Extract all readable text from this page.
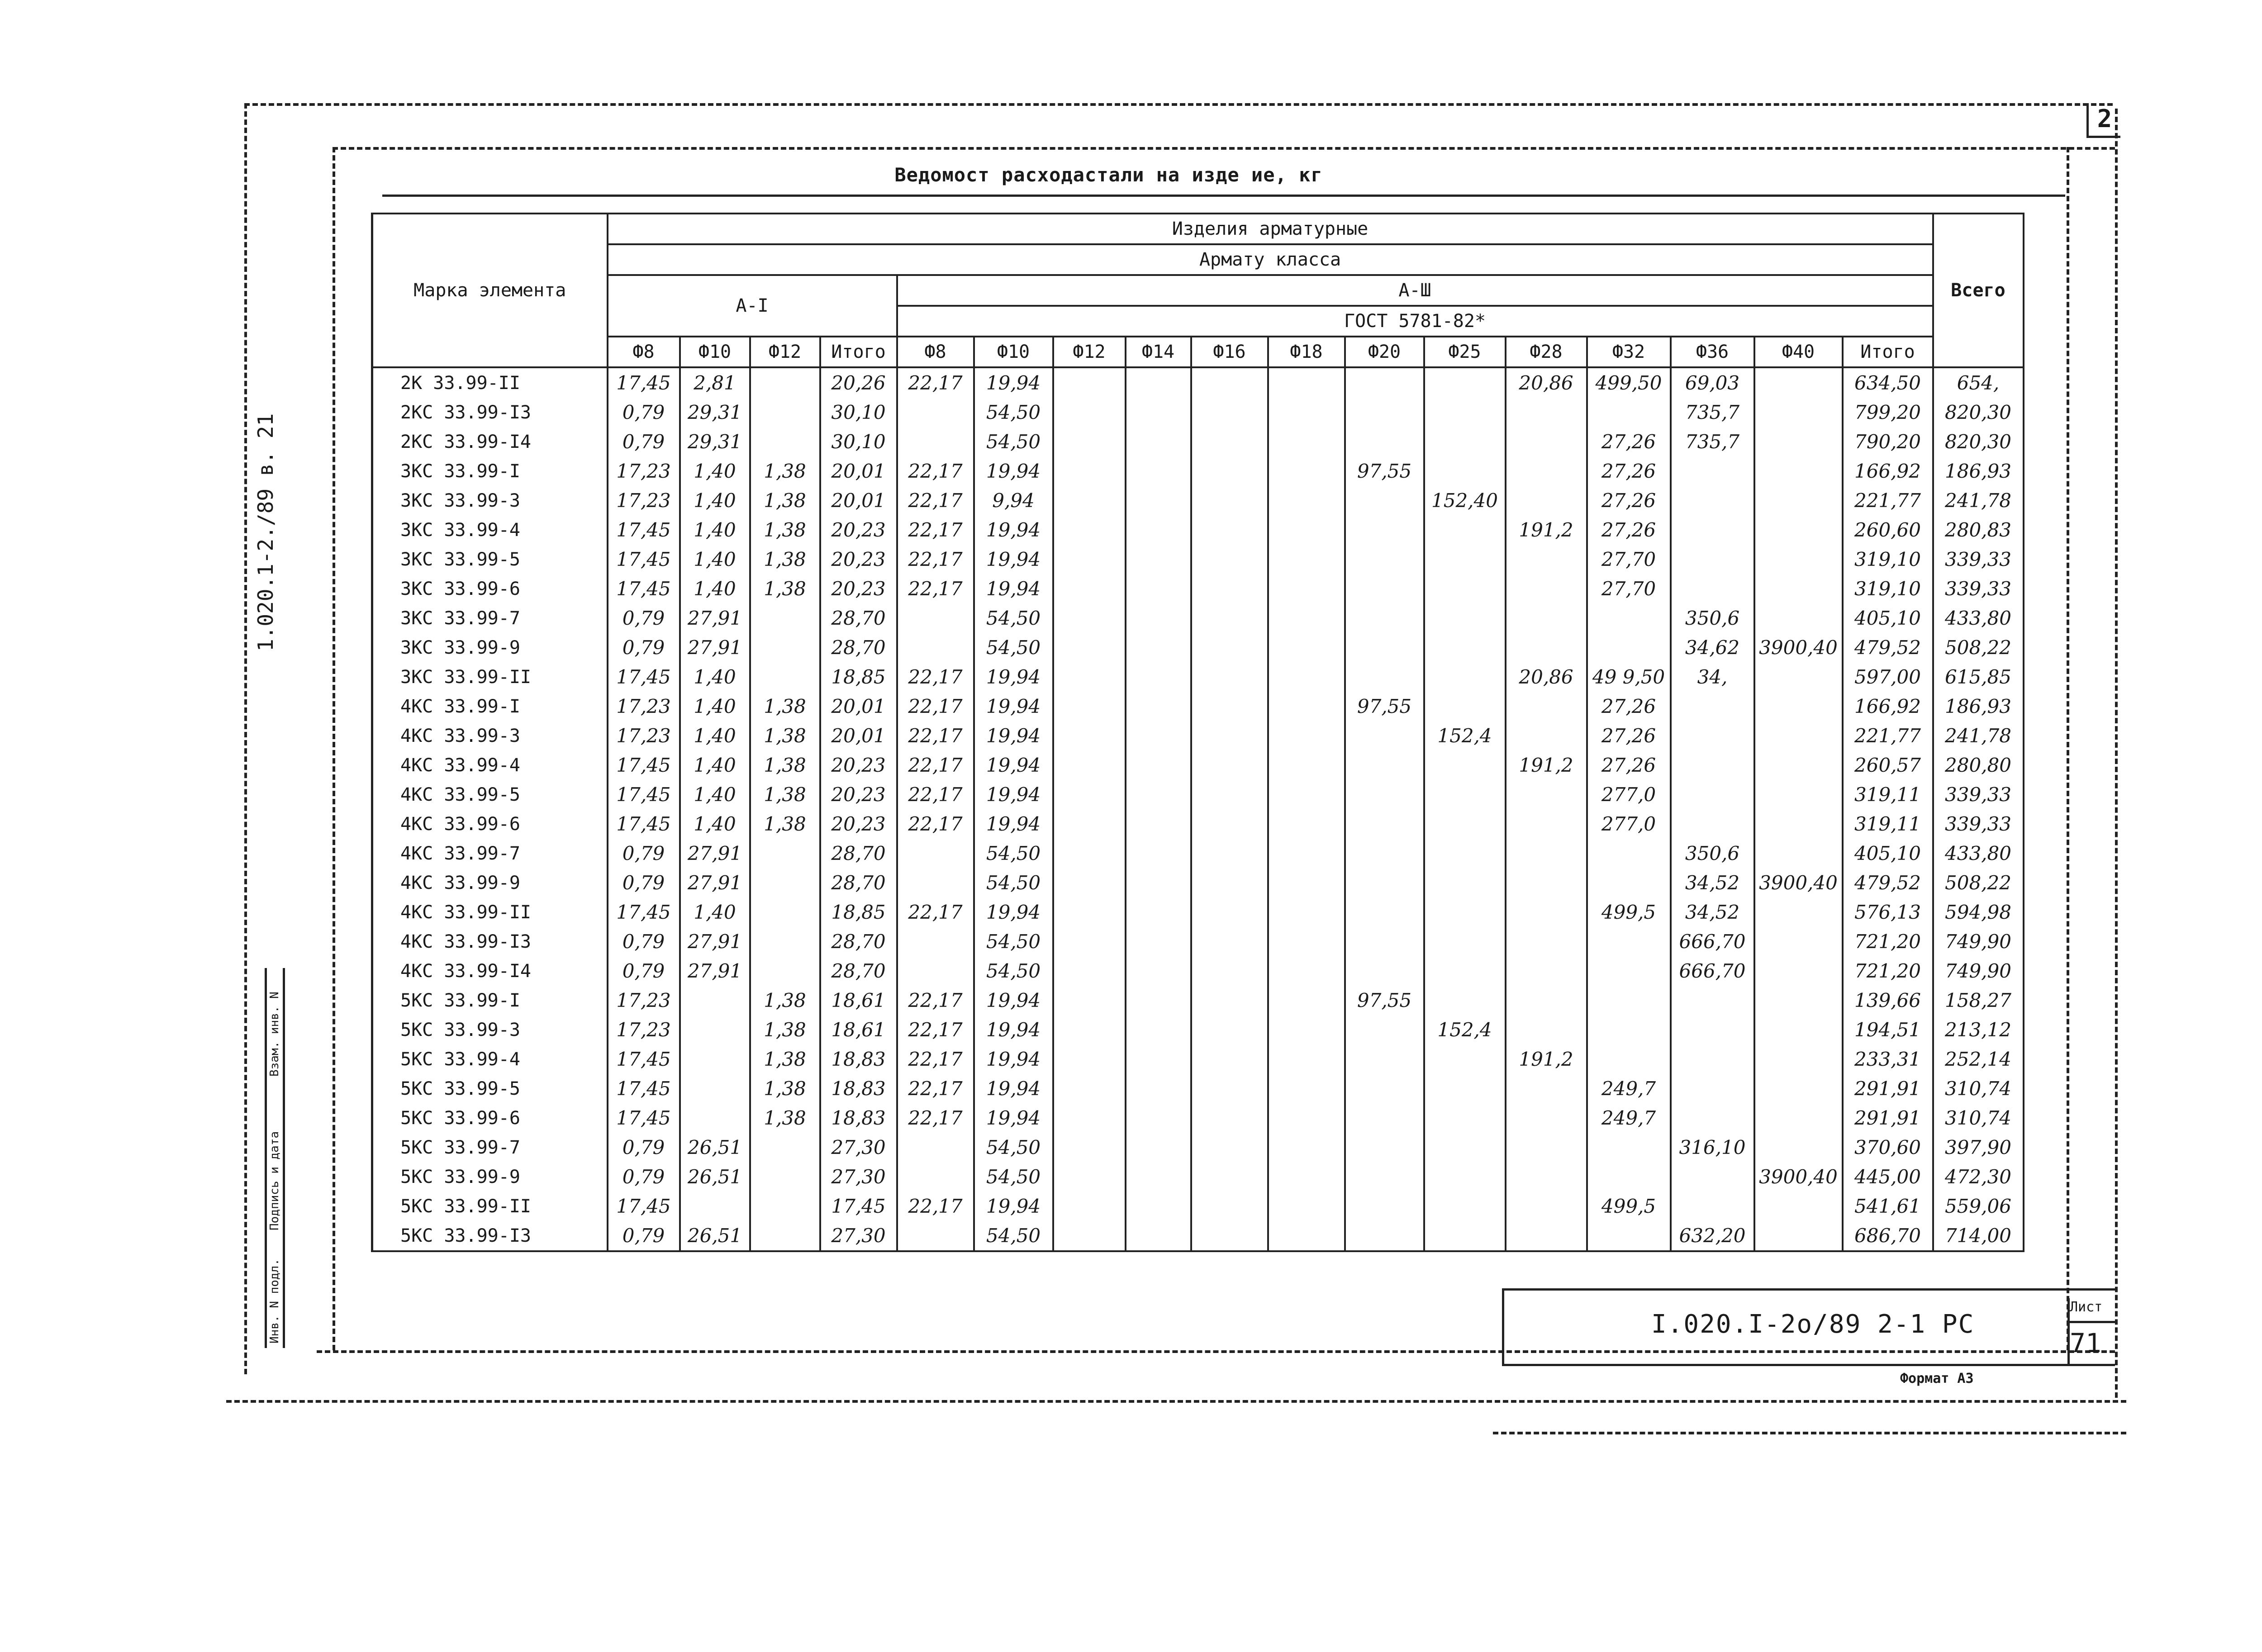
2
Ведомост расходастали на изде ие, кг
1.020.1-2./89 в. 21
Инв. N подл.
Подпись и дата
Взам. инв. N
Марка элемента	Изделия арматурные																	Всего
	Армату класса																	
	А-I				А-Ш													
					ГОСТ 5781-82*													
	Ф8	Ф10	Ф12	Итого	Ф8	Ф10	Ф12	Ф14	Ф16	Ф18	Ф20	Ф25	Ф28	Ф32	Ф36	Ф40	Итого	
2К 33.99-II	17,45	2,81		20,26	22,17	19,94							20,86	499,50	69,03		634,50	654,
2КС 33.99-I3	0,79	29,31		30,10		54,50									735,7		799,20	820,30
2КС 33.99-I4	0,79	29,31		30,10		54,50								27,26	735,7		790,20	820,30
3КС 33.99-I	17,23	1,40	1,38	20,01	22,17	19,94					97,55			27,26			166,92	186,93
3КС 33.99-3	17,23	1,40	1,38	20,01	22,17	9,94						152,40		27,26			221,77	241,78
3КС 33.99-4	17,45	1,40	1,38	20,23	22,17	19,94							191,2	27,26			260,60	280,83
3КС 33.99-5	17,45	1,40	1,38	20,23	22,17	19,94								27,70			319,10	339,33
3КС 33.99-6	17,45	1,40	1,38	20,23	22,17	19,94								27,70			319,10	339,33
3КС 33.99-7	0,79	27,91		28,70		54,50									350,6		405,10	433,80
3КС 33.99-9	0,79	27,91		28,70		54,50									34,62	3900,40	479,52	508,22
3КС 33.99-II	17,45	1,40		18,85	22,17	19,94							20,86	49 9,50	34,		597,00	615,85
4КС 33.99-I	17,23	1,40	1,38	20,01	22,17	19,94					97,55			27,26			166,92	186,93
4КС 33.99-3	17,23	1,40	1,38	20,01	22,17	19,94						152,4		27,26			221,77	241,78
4КС 33.99-4	17,45	1,40	1,38	20,23	22,17	19,94							191,2	27,26			260,57	280,80
4КС 33.99-5	17,45	1,40	1,38	20,23	22,17	19,94								277,0			319,11	339,33
4КС 33.99-6	17,45	1,40	1,38	20,23	22,17	19,94								277,0			319,11	339,33
4КС 33.99-7	0,79	27,91		28,70		54,50									350,6		405,10	433,80
4КС 33.99-9	0,79	27,91		28,70		54,50									34,52	3900,40	479,52	508,22
4КС 33.99-II	17,45	1,40		18,85	22,17	19,94								499,5	34,52		576,13	594,98
4КС 33.99-I3	0,79	27,91		28,70		54,50									666,70		721,20	749,90
4КС 33.99-I4	0,79	27,91		28,70		54,50									666,70		721,20	749,90
5КС 33.99-I	17,23		1,38	18,61	22,17	19,94					97,55						139,66	158,27
5КС 33.99-3	17,23		1,38	18,61	22,17	19,94						152,4					194,51	213,12
5КС 33.99-4	17,45		1,38	18,83	22,17	19,94							191,2				233,31	252,14
5КС 33.99-5	17,45		1,38	18,83	22,17	19,94								249,7			291,91	310,74
5КС 33.99-6	17,45		1,38	18,83	22,17	19,94								249,7			291,91	310,74
5КС 33.99-7	0,79	26,51		27,30		54,50									316,10		370,60	397,90
5КС 33.99-9	0,79	26,51		27,30		54,50										3900,40	445,00	472,30
5КС 33.99-II	17,45			17,45	22,17	19,94								499,5			541,61	559,06
5КС 33.99-I3	0,79	26,51		27,30		54,50									632,20		686,70	714,00
I.020.I-2о/89 2-1 PC
Лист
71
Формат А3
